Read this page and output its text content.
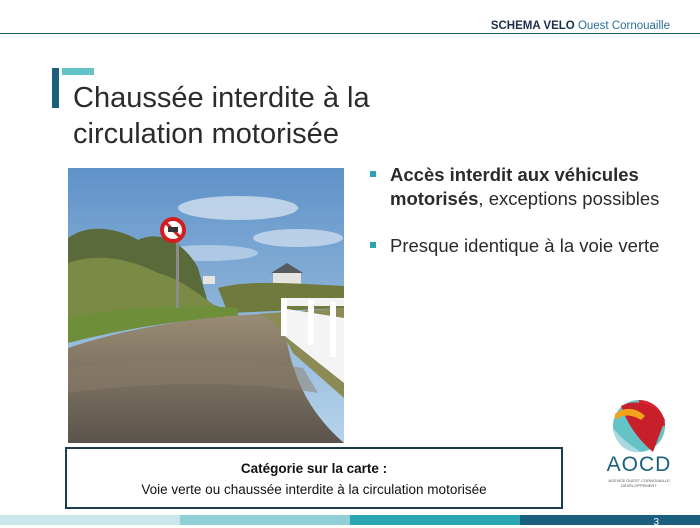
SCHEMA VELO Ouest Cornouaille
Chaussée interdite à la
circulation motorisée
Accès interdit aux véhicules motorisés, exceptions possibles
Presque identique à la voie verte
AOCD
AGENCE OUEST CORNOUAILLE
DÉVELOPPEMENT
Catégorie sur la carte :
Voie verte ou chaussée interdite à la circulation motorisée
3
